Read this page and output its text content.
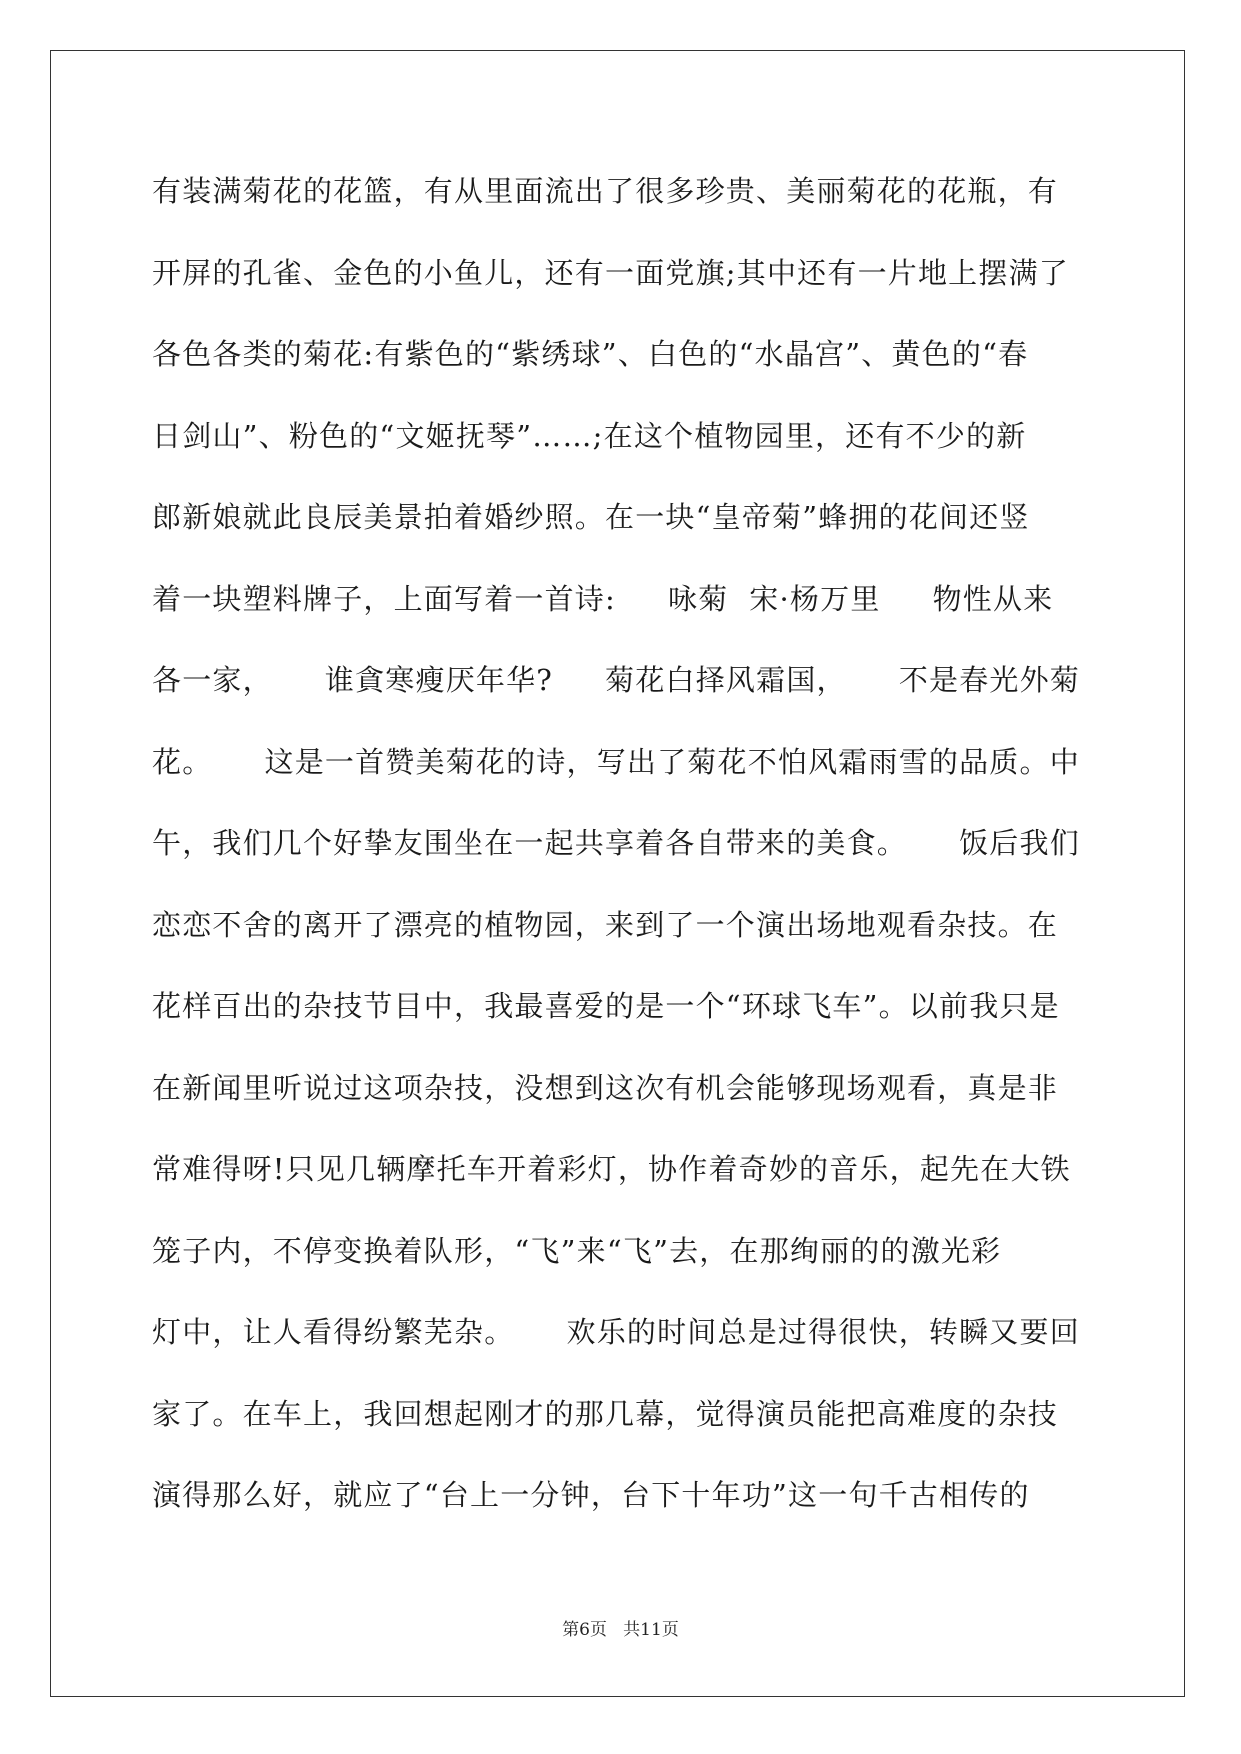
有装满菊花的花篮，有从里面流出了很多珍贵、美丽菊花的花瓶，有
开屏的孔雀、金色的小鱼儿，还有一面党旗;其中还有一片地上摆满了
各色各类的菊花:有紫色的“紫绣球”、白色的“水晶宫”、黄色的“春
日剑山”、粉色的“文姬抚琴”……;在这个植物园里，还有不少的新
郎新娘就此良辰美景拍着婚纱照。在一块“皇帝菊”蜂拥的花间还竖
着一块塑料牌子，上面写着一首诗:     咏菊  宋·杨万里     物性从来
各一家，     谁貪寒瘦厌年华?     菊花白择风霜国，     不是春光外菊
花。     这是一首赞美菊花的诗，写出了菊花不怕风霜雨雪的品质。中
午，我们几个好挚友围坐在一起共享着各自带来的美食。     饭后我们
恋恋不舍的离开了漂亮的植物园，来到了一个演出场地观看杂技。在
花样百出的杂技节目中，我最喜爱的是一个“环球飞车”。以前我只是
在新闻里听说过这项杂技，没想到这次有机会能够现场观看，真是非
常难得呀!只见几辆摩托车开着彩灯，协作着奇妙的音乐，起先在大铁
笼子内，不停变换着队形，“飞”来“飞”去，在那绚丽的的激光彩
灯中，让人看得纷繁芜杂。     欢乐的时间总是过得很快，转瞬又要回
家了。在车上，我回想起刚才的那几幕，觉得演员能把高难度的杂技
演得那么好，就应了“台上一分钟，台下十年功”这一句千古相传的
第6页   共11页
